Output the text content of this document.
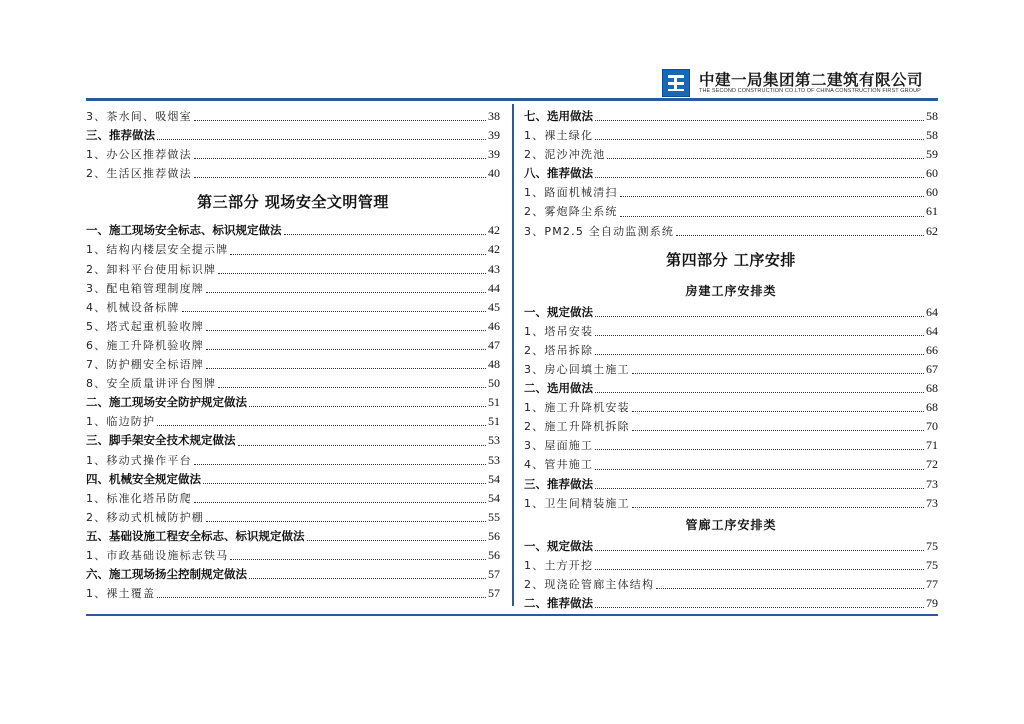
中建一局集团第二建筑有限公司
THE SECOND CONSTRUCTION CO.LTD OF CHINA CONSTRUCTION FIRST GROUP
3、茶水间、吸烟室	38
三、推荐做法	39
1、办公区推荐做法	39
2、生活区推荐做法	40
第三部分 现场安全文明管理
一、施工现场安全标志、标识规定做法	42
1、结构内楼层安全提示牌	42
2、卸料平台使用标识牌	43
3、配电箱管理制度牌	44
4、机械设备标牌	45
5、塔式起重机验收牌	46
6、施工升降机验收牌	47
7、防护棚安全标语牌	48
8、安全质量讲评台图牌	50
二、施工现场安全防护规定做法	51
1、临边防护	51
三、脚手架安全技术规定做法	53
1、移动式操作平台	53
四、机械安全规定做法	54
1、标准化塔吊防爬	54
2、移动式机械防护棚	55
五、基础设施工程安全标志、标识规定做法	56
1、市政基础设施标志铁马	56
六、施工现场扬尘控制规定做法	57
1、裸土覆盖	57
七、选用做法	58
1、裸土绿化	58
2、泥沙冲洗池	59
八、推荐做法	60
1、路面机械清扫	60
2、雾炮降尘系统	61
3、PM2.5 全自动监测系统	62
第四部分 工序安排
房建工序安排类
一、规定做法	64
1、塔吊安装	64
2、塔吊拆除	66
3、房心回填土施工	67
二、选用做法	68
1、施工升降机安装	68
2、施工升降机拆除	70
3、屋面施工	71
4、管井施工	72
三、推荐做法	73
1、卫生间精装施工	73
管廊工序安排类
一、规定做法	75
1、土方开挖	75
2、现浇砼管廊主体结构	77
二、推荐做法	79
